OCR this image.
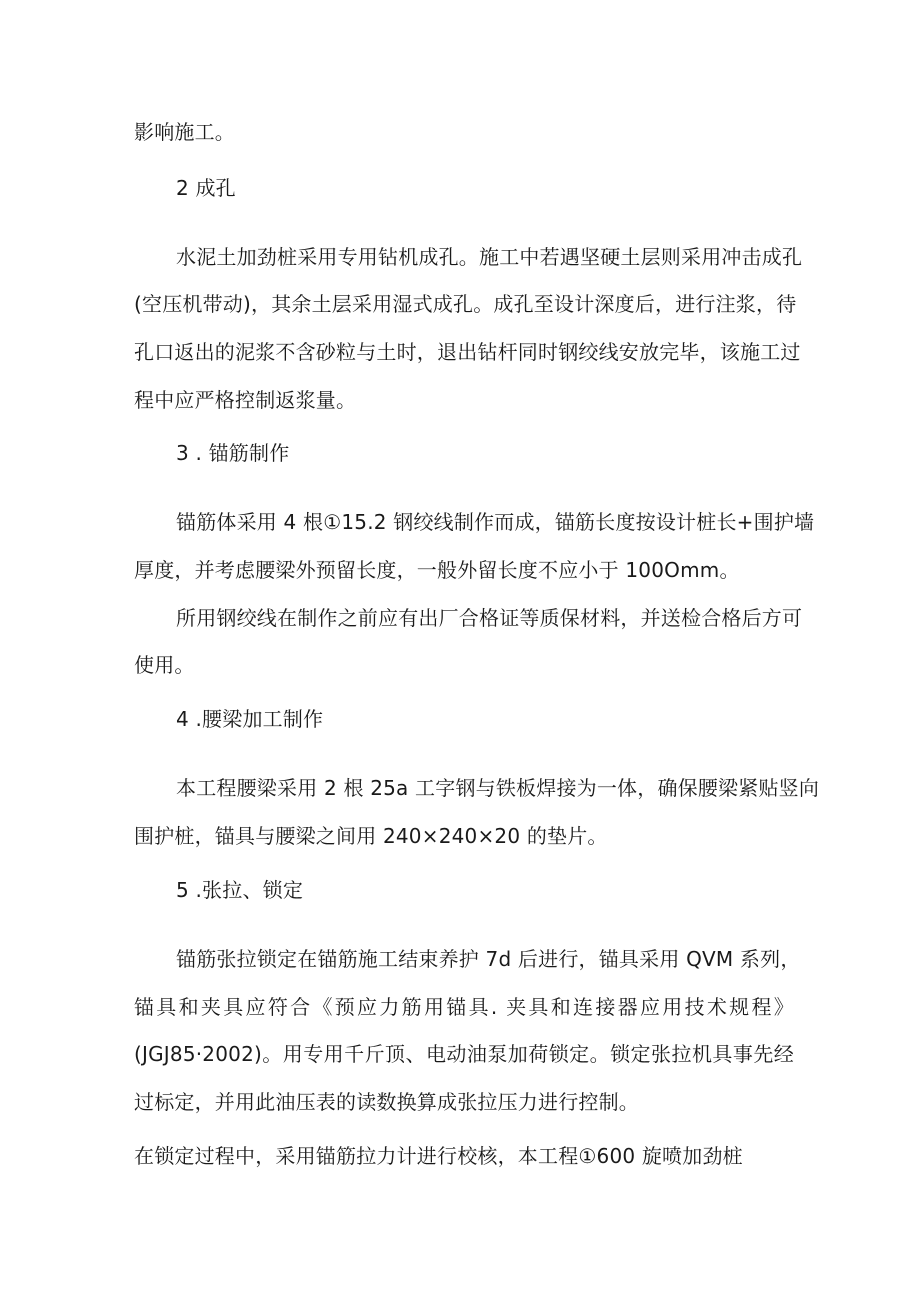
影响施工。
2 成孔
水泥土加劲桩采用专用钻机成孔。施工中若遇坚硬土层则采用冲击成孔
(空压机带动)，其余土层采用湿式成孔。成孔至设计深度后，进行注浆，待
孔口返出的泥浆不含砂粒与土时，退出钻杆同时钢绞线安放完毕，该施工过
程中应严格控制返浆量。
3 . 锚筋制作
锚筋体采用 4 根①15.2 钢绞线制作而成，锚筋长度按设计桩长+围护墙
厚度，并考虑腰梁外预留长度，一般外留长度不应小于 100Omm。
所用钢绞线在制作之前应有出厂合格证等质保材料，并送检合格后方可
使用。
4 .腰梁加工制作
本工程腰梁采用 2 根 25a 工字钢与铁板焊接为一体，确保腰梁紧贴竖向
围护桩，锚具与腰梁之间用 240×240×20 的垫片。
5 .张拉、锁定
锚筋张拉锁定在锚筋施工结束养护 7d 后进行，锚具采用 QVM 系列，
锚具和夹具应符合《预应力筋用锚具. 夹具和连接器应用技术规程》
(JGJ85·2002)。用专用千斤顶、电动油泵加荷锁定。锁定张拉机具事先经
过标定，并用此油压表的读数换算成张拉压力进行控制。
在锁定过程中，采用锚筋拉力计进行校核，本工程①600 旋喷加劲桩
